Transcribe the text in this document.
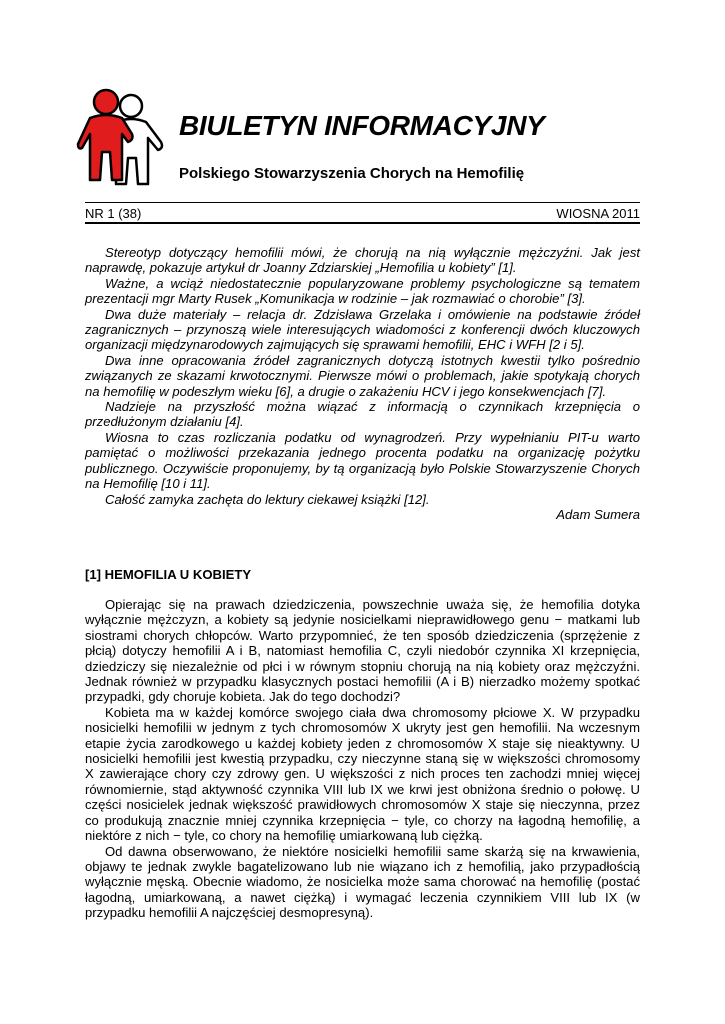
BIULETYN INFORMACYJNY
Polskiego Stowarzyszenia Chorych na Hemofilię
NR 1 (38)	WIOSNA 2011

Stereotyp dotyczący hemofilii mówi, że chorują na nią wyłącznie mężczyźni. Jak jest naprawdę, pokazuje artykuł dr Joanny Zdziarskiej „Hemofilia u kobiety” [1].

Ważne, a wciąż niedostatecznie popularyzowane problemy psychologiczne są tematem prezentacji mgr Marty Rusek „Komunikacja w rodzinie – jak rozmawiać o chorobie” [3].

Dwa duże materiały – relacja dr. Zdzisława Grzelaka i omówienie na podstawie źródeł zagranicznych – przynoszą wiele interesujących wiadomości z konferencji dwóch kluczowych organizacji międzynarodowych zajmujących się sprawami hemofilii, EHC i WFH [2 i 5].

Dwa inne opracowania źródeł zagranicznych dotyczą istotnych kwestii tylko pośrednio związanych ze skazami krwotocznymi. Pierwsze mówi o problemach, jakie spotykają chorych na hemofilię w podeszłym wieku [6], a drugie o zakażeniu HCV i jego konsekwencjach [7].

Nadzieje na przyszłość można wiązać z informacją o czynnikach krzepnięcia o przedłużonym działaniu [4].

Wiosna to czas rozliczania podatku od wynagrodzeń. Przy wypełnianiu PIT-u warto pamiętać o możliwości przekazania jednego procenta podatku na organizację pożytku publicznego. Oczywiście proponujemy, by tą organizacją było Polskie Stowarzyszenie Chorych na Hemofilię [10 i 11].

Całość zamyka zachęta do lektury ciekawej książki [12].

Adam Sumera

[1] HEMOFILIA U KOBIETY

Opierając się na prawach dziedziczenia, powszechnie uważa się, że hemofilia dotyka wyłącznie mężczyzn, a kobiety są jedynie nosicielkami nieprawidłowego genu − matkami lub siostrami chorych chłopców. Warto przypomnieć, że ten sposób dziedziczenia (sprzężenie z płcią) dotyczy hemofilii A i B, natomiast hemofilia C, czyli niedobór czynnika XI krzepnięcia, dziedziczy się niezależnie od płci i w równym stopniu chorują na nią kobiety oraz mężczyźni. Jednak również w przypadku klasycznych postaci hemofilii (A i B) nierzadko możemy spotkać przypadki, gdy choruje kobieta. Jak do tego dochodzi?

Kobieta ma w każdej komórce swojego ciała dwa chromosomy płciowe X. W przypadku nosicielki hemofilii w jednym z tych chromosomów X ukryty jest gen hemofilii. Na wczesnym etapie życia zarodkowego u każdej kobiety jeden z chromosomów X staje się nieaktywny. U nosicielki hemofilii jest kwestią przypadku, czy nieczynne staną się w większości chromosomy X zawierające chory czy zdrowy gen. U większości z nich proces ten zachodzi mniej więcej równomiernie, stąd aktywność czynnika VIII lub IX we krwi jest obniżona średnio o połowę. U części nosicielek jednak większość prawidłowych chromosomów X staje się nieczynna, przez co produkują znacznie mniej czynnika krzepnięcia − tyle, co chorzy na łagodną hemofilię, a niektóre z nich − tyle, co chory na hemofilię umiarkowaną lub ciężką.

Od dawna obserwowano, że niektóre nosicielki hemofilii same skarżą się na krwawienia, objawy te jednak zwykle bagatelizowano lub nie wiązano ich z hemofilią, jako przypadłością wyłącznie męską. Obecnie wiadomo, że nosicielka może sama chorować na hemofilię (postać łagodną, umiarkowaną, a nawet ciężką) i wymagać leczenia czynnikiem VIII lub IX (w przypadku hemofilii A najczęściej desmopresyną).
